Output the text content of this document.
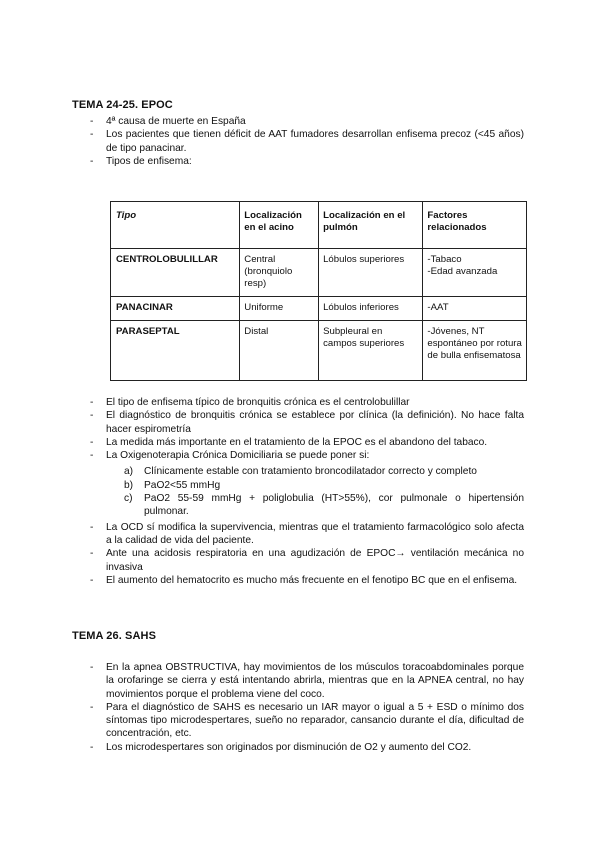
TEMA 24-25. EPOC
- 4ª causa de muerte en España
- Los pacientes que tienen déficit de AAT fumadores desarrollan enfisema precoz (<45 años) de tipo panacinar.
- Tipos de enfisema:
Tipo	Localización en el acino	Localización en el pulmón	Factores relacionados
CENTROLOBULILLAR	Central (bronquiolo resp)	Lóbulos superiores	-Tabaco
-Edad avanzada
PANACINAR	Uniforme	Lóbulos inferiores	-AAT
PARASEPTAL	Distal	Subpleural en campos superiores	-Jóvenes, NT espontáneo por rotura de bulla enfisematosa
- El tipo de enfisema típico de bronquitis crónica es el centrolobulillar
- El diagnóstico de bronquitis crónica se establece por clínica (la definición). No hace falta hacer espirometría
- La medida más importante en el tratamiento de la EPOC es el abandono del tabaco.
- La Oxigenoterapia Crónica Domiciliaria se puede poner si:
a) Clínicamente estable con tratamiento broncodilatador correcto y completo
b) PaO2<55 mmHg
c) PaO2 55-59 mmHg + poliglobulia (HT>55%), cor pulmonale o hipertensión pulmonar.
- La OCD sí modifica la supervivencia, mientras que el tratamiento farmacológico solo afecta a la calidad de vida del paciente.
- Ante una acidosis respiratoria en una agudización de EPOC→ ventilación mecánica no invasiva
- El aumento del hematocrito es mucho más frecuente en el fenotipo BC que en el enfisema.
TEMA 26. SAHS
- En la apnea OBSTRUCTIVA, hay movimientos de los músculos toracoabdominales porque la orofaringe se cierra y está intentando abrirla, mientras que en la APNEA central, no hay movimientos porque el problema viene del coco.
- Para el diagnóstico de SAHS es necesario un IAR mayor o igual a 5 + ESD o mínimo dos síntomas tipo microdespertares, sueño no reparador, cansancio durante el día, dificultad de concentración, etc.
- Los microdespertares son originados por disminución de O2 y aumento del CO2.
